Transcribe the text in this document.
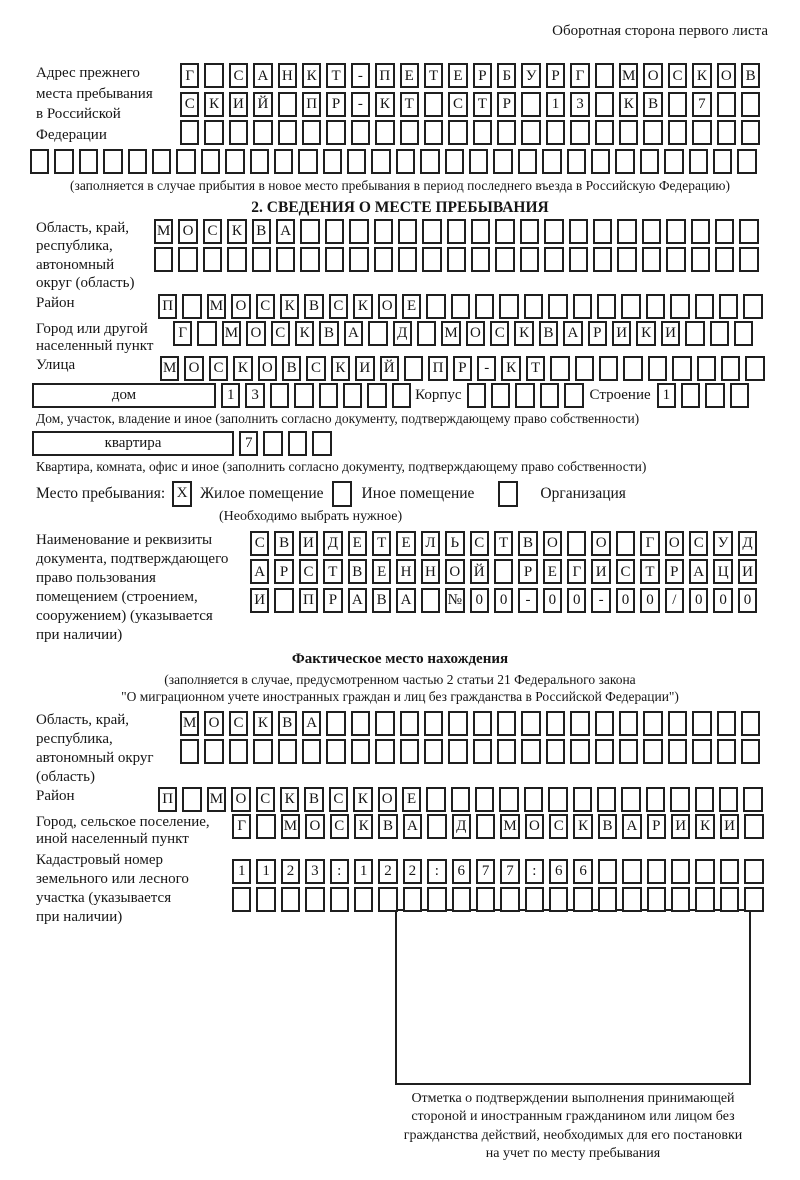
Оборотная сторона первого листа
Адрес прежнего
места пребывания
в Российской
Федерации
Г	С А Н К Т	-	П Е	Т	Е	Р	Б У Р	Г	М О С К О В
С К И Й	П Р	-	К Т	С Т	Р	1	3	К В	7
(заполняется в случае прибытия в новое место пребывания в период последнего въезда в Российскую Федерацию)
2. СВЕДЕНИЯ О МЕСТЕ ПРЕБЫВАНИЯ
Область, край,
республика,
автономный
округ (область)
М О С К В А
Район	П М О С К В С К О Е
Город или другой
населенный пункт
Г	М О С К В А	Д	М О С К В А Р И К И
Улица	М О С К О В С К И Й	П Р	-	К Т
дом	1	3	Корпус	Строение 1
Дом, участок, владение и иное (заполнить согласно документу, подтверждающему право собственности)
квартира	7
Квартира, комната, офис и иное (заполнить согласно документу, подтверждающему право собственности)
Место пребывания: X Жилое помещение Иное помещение	Организация
(Необходимо выбрать нужное)
Наименование и реквизиты
документа, подтверждающего
право пользования
помещением (строением,
сооружением) (указывается
при наличии)
С В И Д Е	Т	Е Л Ь	С Т В О	О	Г О С У Д
А Р	С Т В Е Н Н О Й	Р	Е	Г И С Т	Р А Ц И
И	П Р А В А № 0	0	-	0	0	-	0	0	/	0	0	0
Фактическое место нахождения
(заполняется в случае, предусмотренном частью 2 статьи 21 Федерального закона
"О миграционном учете иностранных граждан и лиц без гражданства в Российской Федерации")
Область, край,
республика,
автономный округ
(область)
М О С К В А
Район	П М О С К В С К О Е
Город, сельское поселение,
иной населенный пункт
Г	М О С К В А	Д	М О С К В А Р И К И
Кадастровый номер
земельного или лесного
участка (указывается
при наличии)
1	1	2	3	:	1	2	2	:	6	7	7	:	6	6
Отметка о подтверждении выполнения принимающей
стороной и иностранным гражданином или лицом без
гражданства действий, необходимых для его постановки
на учет по месту пребывания
